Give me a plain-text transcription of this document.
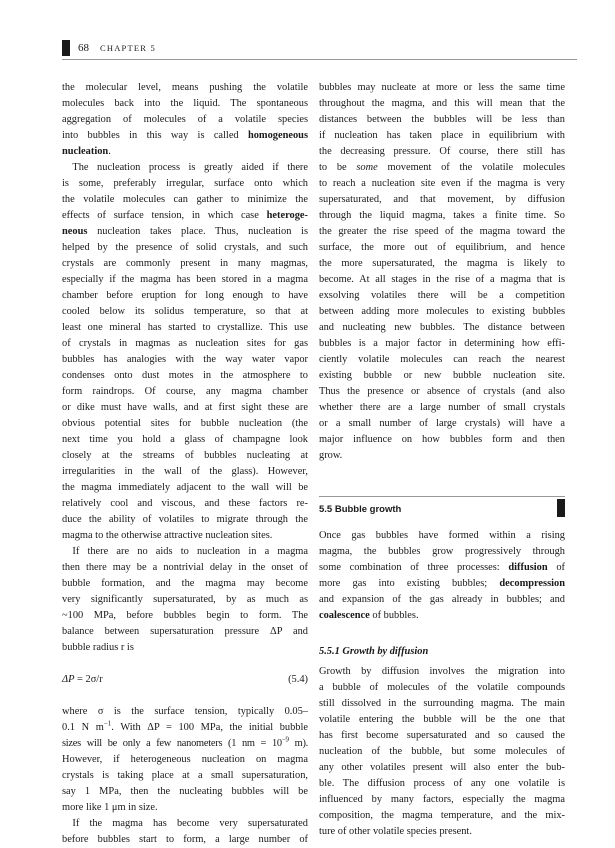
68 CHAPTER 5
the molecular level, means pushing the volatile
molecules back into the liquid. The spontaneous
aggregation of molecules of a volatile species
into bubbles in this way is called homogeneous
nucleation.
 The nucleation process is greatly aided if there
is some, preferably irregular, surface onto which
the volatile molecules can gather to minimize the
effects of surface tension, in which case heteroge-
neous nucleation takes place. Thus, nucleation is
helped by the presence of solid crystals, and such
crystals are commonly present in many magmas,
especially if the magma has been stored in a magma
chamber before eruption for long enough to have
cooled below its solidus temperature, so that at
least one mineral has started to crystallize. This use
of crystals in magmas as nucleation sites for gas
bubbles has analogies with the way water vapor
condenses onto dust motes in the atmosphere to
form raindrops. Of course, any magma chamber
or dike must have walls, and at first sight these are
obvious potential sites for bubble nucleation (the
next time you hold a glass of champagne look
closely at the streams of bubbles nucleating at
irregularities in the wall of the glass). However,
the magma immediately adjacent to the wall will be
relatively cool and viscous, and these factors re-
duce the ability of volatiles to migrate through the
magma to the otherwise attractive nucleation sites.
 If there are no aids to nucleation in a magma
then there may be a nontrivial delay in the onset of
bubble formation, and the magma may become
very significantly supersaturated, by as much as
~100 MPa, before bubbles begin to form. The
balance between supersaturation pressure ΔP and
bubble radius r is
ΔP = 2σ/r	(5.4)
where σ is the surface tension, typically 0.05–
0.1 N $m^{-1}$. With ΔP = 100 MPa, the initial bubble
sizes will be only a few nanometers (1 nm = $10^{-9}$ m).
However, if heterogeneous nucleation on magma
crystals is taking place at a small supersaturation,
say 1 MPa, then the nucleating bubbles will be
more like 1 μm in size.
 If the magma has become very supersaturated
before bubbles start to form, a large number of
bubbles may nucleate at more or less the same time
throughout the magma, and this will mean that the
distances between the bubbles will be less than
if nucleation has taken place in equilibrium with
the decreasing pressure. Of course, there still has
to be some movement of the volatile molecules
to reach a nucleation site even if the magma is very
supersaturated, and that movement, by diffusion
through the liquid magma, takes a finite time. So
the greater the rise speed of the magma toward the
surface, the more out of equilibrium, and hence
the more supersaturated, the magma is likely to
become. At all stages in the rise of a magma that is
exsolving volatiles there will be a competition
between adding more molecules to existing bubbles
and nucleating new bubbles. The distance between
bubbles is a major factor in determining how effi-
ciently volatile molecules can reach the nearest
existing bubble or new bubble nucleation site.
Thus the presence or absence of crystals (and also
whether there are a large number of small crystals
or a small number of large crystals) will have a
major influence on how bubbles form and then
grow.
5.5 Bubble growth
Once gas bubbles have formed within a rising
magma, the bubbles grow progressively through
some combination of three processes: diffusion of
more gas into existing bubbles; decompression
and expansion of the gas already in bubbles; and
coalescence of bubbles.
5.5.1 Growth by diffusion
Growth by diffusion involves the migration into
a bubble of molecules of the volatile compounds
still dissolved in the surrounding magma. The main
volatile entering the bubble will be the one that
has first become supersaturated and so caused the
nucleation of the bubble, but some molecules of
any other volatiles present will also enter the bub-
ble. The diffusion process of any one volatile is
influenced by many factors, especially the magma
composition, the magma temperature, and the mix-
ture of other volatile species present.
